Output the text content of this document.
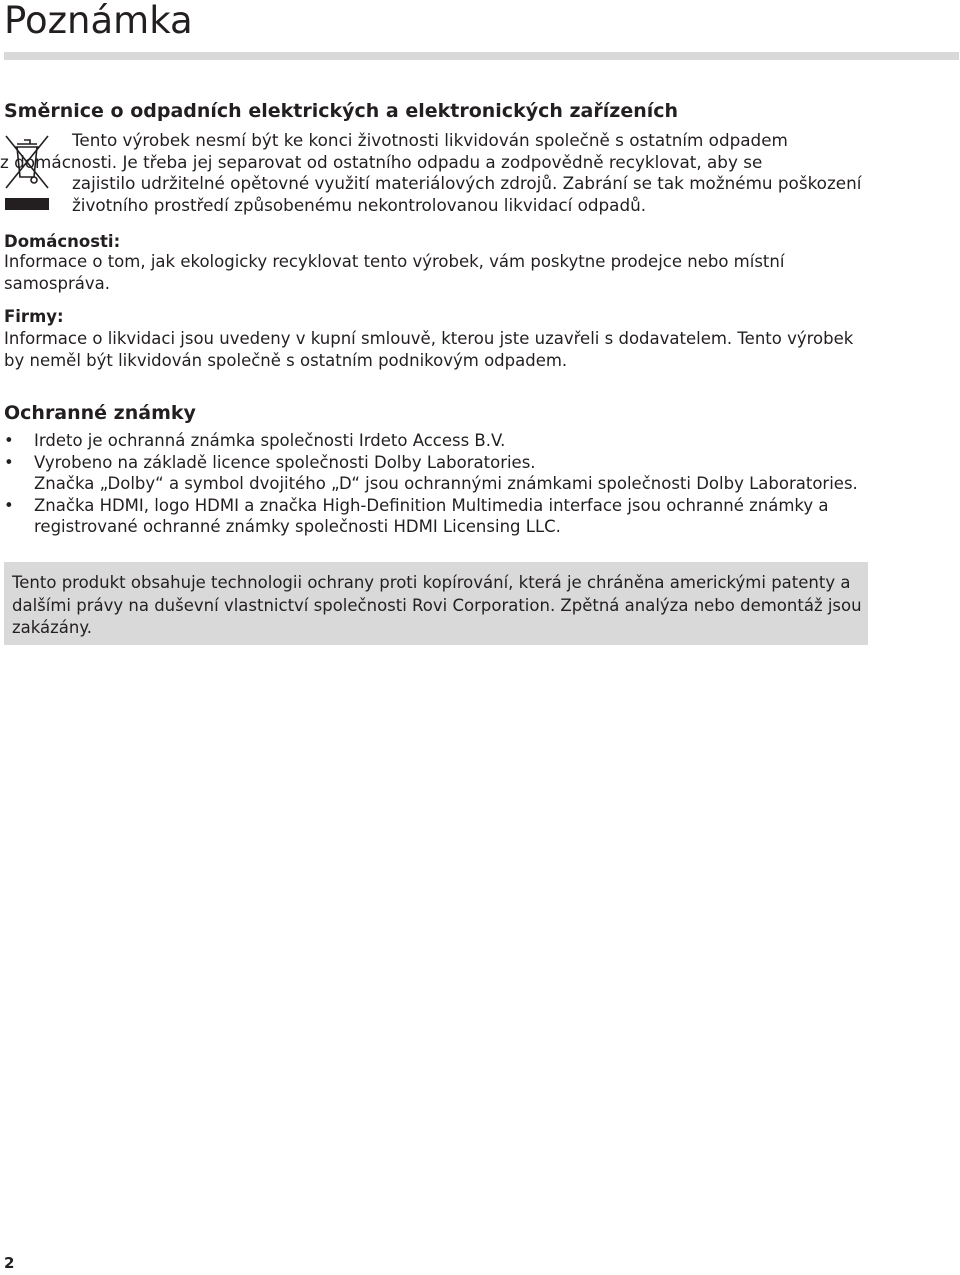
Poznámka
Směrnice o odpadních elektrických a elektronických zařízeních
Tento výrobek nesmí být ke konci životnosti likvidován společně s ostatním odpadem
z domácnosti. Je třeba jej separovat od ostatního odpadu a zodpovědně recyklovat, aby se
zajistilo udržitelné opětovné využití materiálových zdrojů. Zabrání se tak možnému poškození
životního prostředí způsobenému nekontrolovanou likvidací odpadů.
Domácnosti:
Informace o tom, jak ekologicky recyklovat tento výrobek, vám poskytne prodejce nebo místní samospráva.
Firmy:
Informace o likvidaci jsou uvedeny v kupní smlouvě, kterou jste uzavřeli s dodavatelem. Tento výrobek by neměl být likvidován společně s ostatním podnikovým odpadem.
Ochranné známky
• Irdeto je ochranná známka společnosti Irdeto Access B.V.
• Vyrobeno na základě licence společnosti Dolby Laboratories.
Značka „Dolby“ a symbol dvojitého „D“ jsou ochrannými známkami společnosti Dolby Laboratories.
• Značka HDMI, logo HDMI a značka High-Definition Multimedia interface jsou ochranné známky a registrované ochranné známky společnosti HDMI Licensing LLC.
Tento produkt obsahuje technologii ochrany proti kopírování, která je chráněna americkými patenty a dalšími právy na duševní vlastnictví společnosti Rovi Corporation. Zpětná analýza nebo demontáž jsou zakázány.
2
